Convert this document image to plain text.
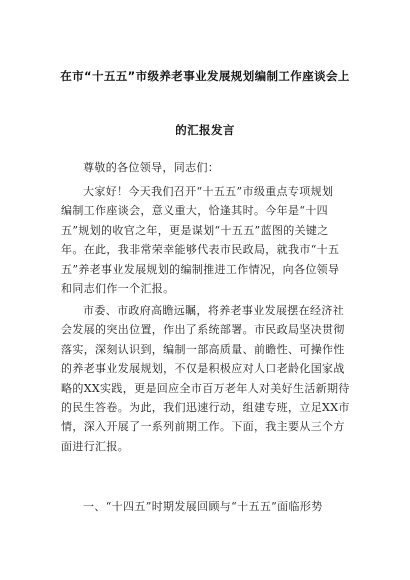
在市“十五五”市级养老事业发展规划编制工作座谈会上
的汇报发言
尊敬的各位领导，同志们：
大家好！今天我们召开“十五五”市级重点专项规划
编制工作座谈会，意义重大，恰逢其时。今年是“十四
五”规划的收官之年，更是谋划“十五五”蓝图的关键之
年。在此，我非常荣幸能够代表市民政局，就我市“十五
五”养老事业发展规划的编制推进工作情况，向各位领导
和同志们作一个汇报。
市委、市政府高瞻远瞩，将养老事业发展摆在经济社
会发展的突出位置，作出了系统部署。市民政局坚决贯彻
落实，深刻认识到，编制一部高质量、前瞻性、可操作性
的养老事业发展规划，不仅是积极应对人口老龄化国家战
略的XX实践，更是回应全市百万老年人对美好生活新期待
的民生答卷。为此，我们迅速行动，组建专班，立足XX市
情，深入开展了一系列前期工作。下面，我主要从三个方
面进行汇报。
一、“十四五”时期发展回顾与“十五五”面临形势
